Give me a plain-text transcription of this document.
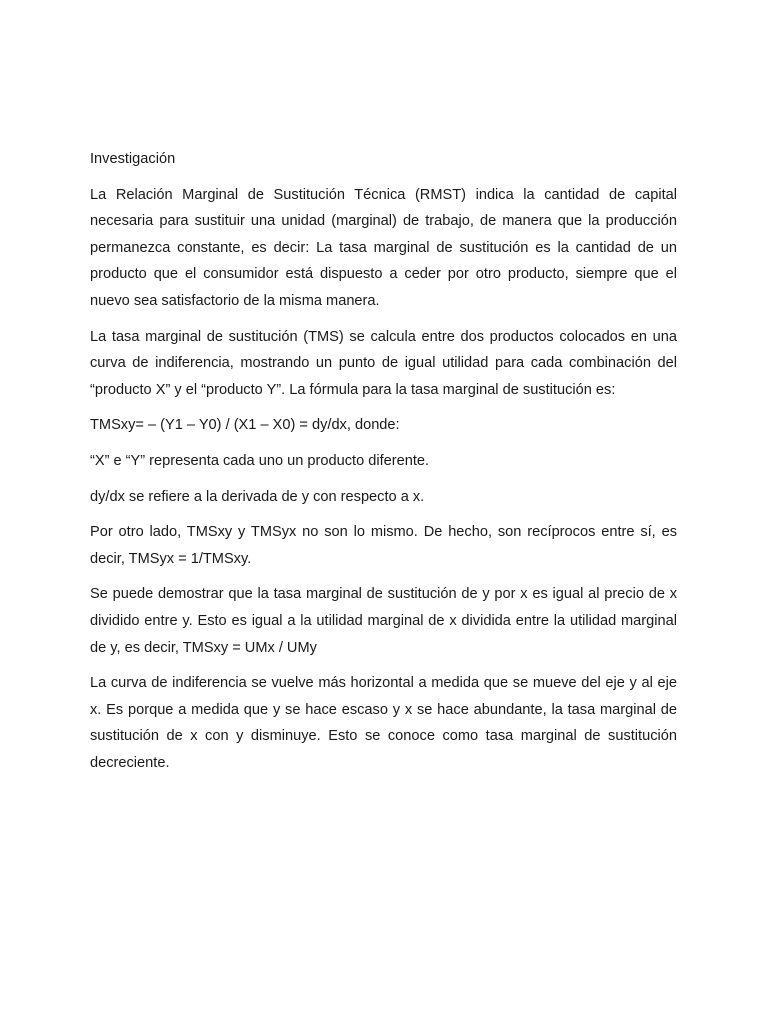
Investigación

La Relación Marginal de Sustitución Técnica (RMST) indica la cantidad de capital necesaria para sustituir una unidad (marginal) de trabajo, de manera que la producción permanezca constante, es decir: La tasa marginal de sustitución es la cantidad de un producto que el consumidor está dispuesto a ceder por otro producto, siempre que el nuevo sea satisfactorio de la misma manera.

La tasa marginal de sustitución (TMS) se calcula entre dos productos colocados en una curva de indiferencia, mostrando un punto de igual utilidad para cada combinación del “producto X” y el “producto Y”. La fórmula para la tasa marginal de sustitución es:

TMSxy= – (Y1 – Y0) / (X1 – X0) = dy/dx, donde:

“X” e “Y” representa cada uno un producto diferente.

dy/dx se refiere a la derivada de y con respecto a x.

Por otro lado, TMSxy y TMSyx no son lo mismo. De hecho, son recíprocos entre sí, es decir, TMSyx = 1/TMSxy.

Se puede demostrar que la tasa marginal de sustitución de y por x es igual al precio de x dividido entre y. Esto es igual a la utilidad marginal de x dividida entre la utilidad marginal de y, es decir, TMSxy = UMx / UMy

La curva de indiferencia se vuelve más horizontal a medida que se mueve del eje y al eje x. Es porque a medida que y se hace escaso y x se hace abundante, la tasa marginal de sustitución de x con y disminuye. Esto se conoce como tasa marginal de sustitución decreciente.
